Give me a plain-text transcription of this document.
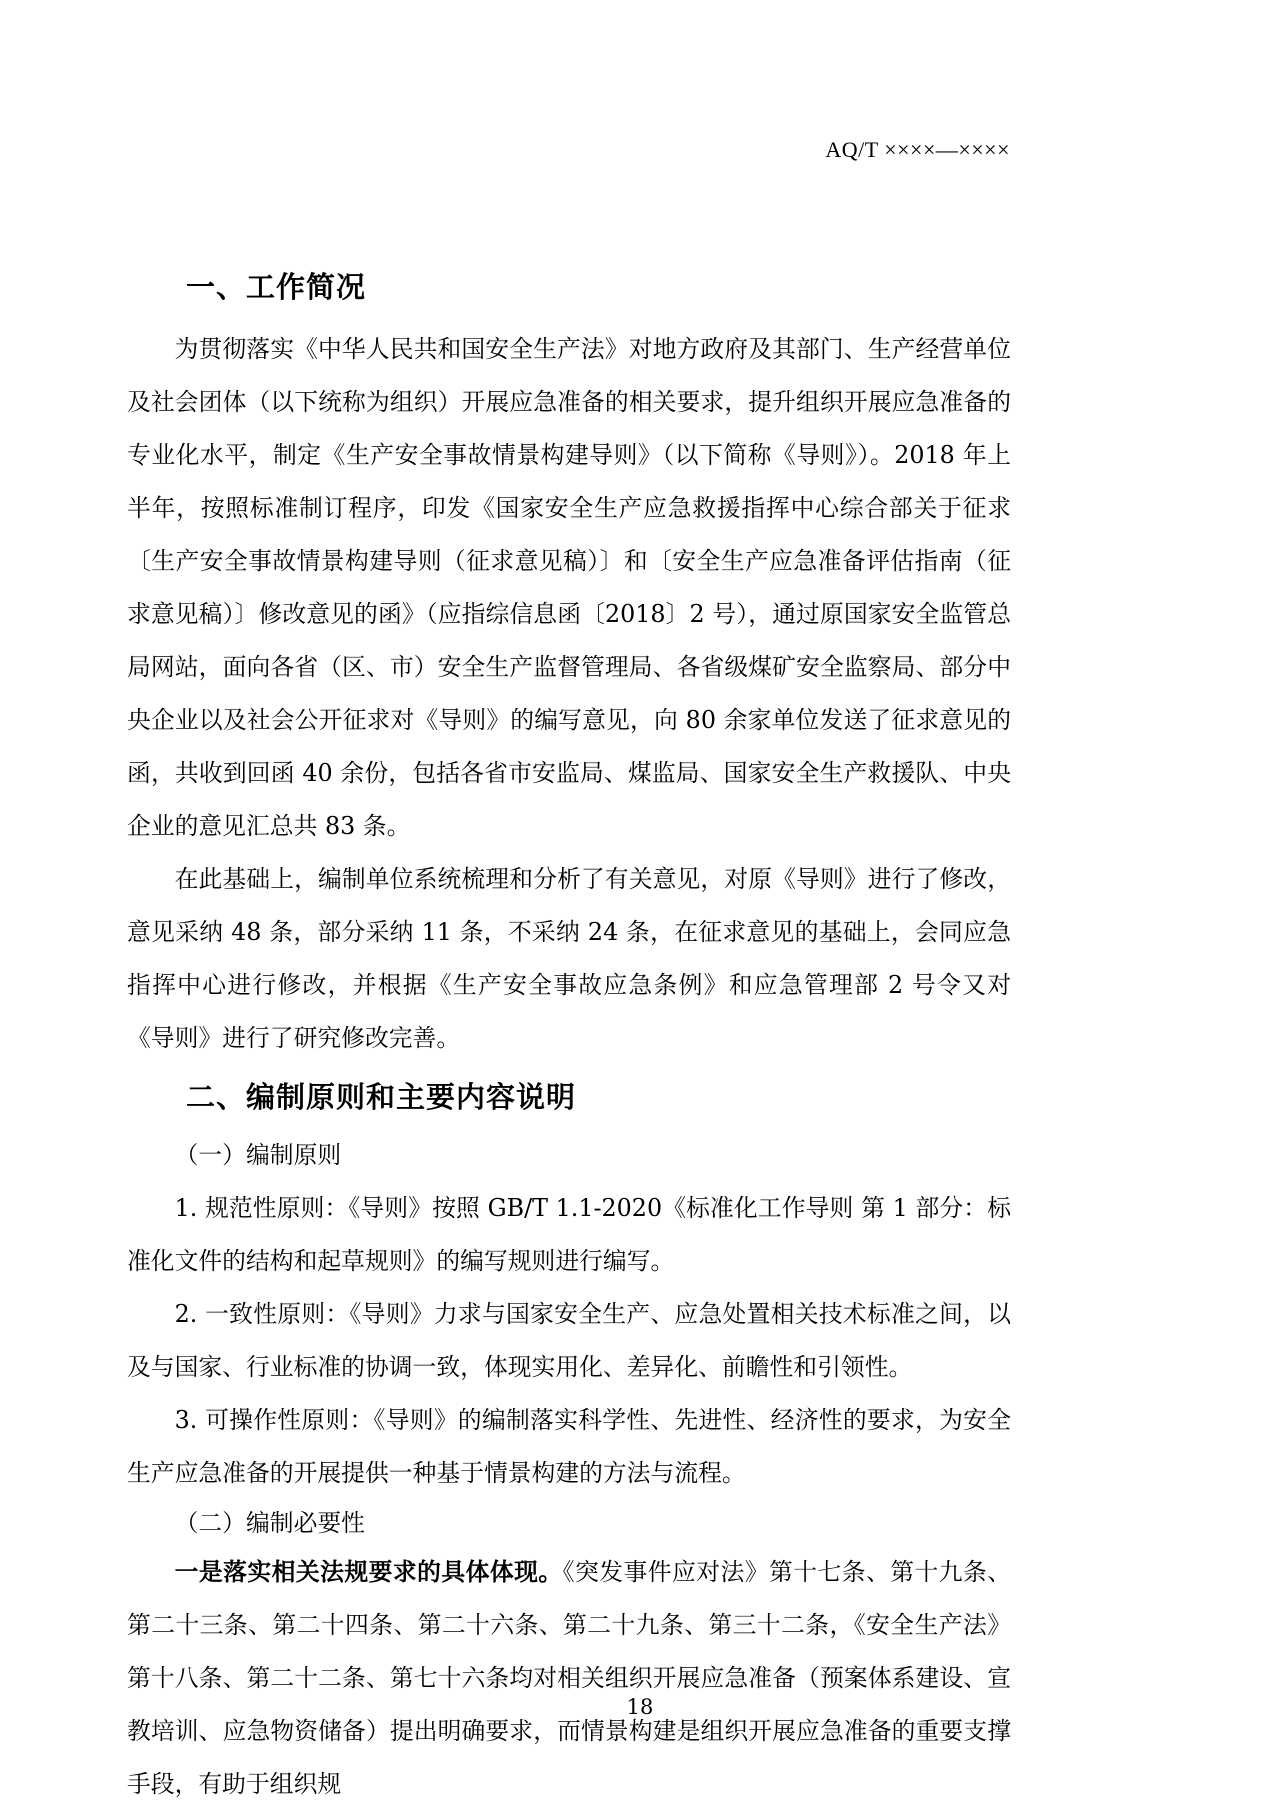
AQ/T ××××—××××
一、工作简况

为贯彻落实《中华人民共和国安全生产法》对地方政府及其部门、生产经营单位及社会团体（以下统称为组织）开展应急准备的相关要求，提升组织开展应急准备的专业化水平，制定《生产安全事故情景构建导则》（以下简称《导则》）。2018 年上半年，按照标准制订程序，印发《国家安全生产应急救援指挥中心综合部关于征求〔生产安全事故情景构建导则（征求意见稿）〕和〔安全生产应急准备评估指南（征求意见稿）〕修改意见的函》（应指综信息函〔2018〕2 号），通过原国家安全监管总局网站，面向各省（区、市）安全生产监督管理局、各省级煤矿安全监察局、部分中央企业以及社会公开征求对《导则》的编写意见，向 80 余家单位发送了征求意见的函，共收到回函 40 余份，包括各省市安监局、煤监局、国家安全生产救援队、中央企业的意见汇总共 83 条。

在此基础上，编制单位系统梳理和分析了有关意见，对原《导则》进行了修改，意见采纳 48 条，部分采纳 11 条，不采纳 24 条，在征求意见的基础上，会同应急指挥中心进行修改，并根据《生产安全事故应急条例》和应急管理部 2 号令又对《导则》进行了研究修改完善。

二、编制原则和主要内容说明

（一）编制原则

1. 规范性原则：《导则》按照 GB/T 1.1-2020《标准化工作导则 第 1 部分：标准化文件的结构和起草规则》的编写规则进行编写。

2. 一致性原则：《导则》力求与国家安全生产、应急处置相关技术标准之间，以及与国家、行业标准的协调一致，体现实用化、差异化、前瞻性和引领性。

3. 可操作性原则：《导则》的编制落实科学性、先进性、经济性的要求，为安全生产应急准备的开展提供一种基于情景构建的方法与流程。

（二）编制必要性

一是落实相关法规要求的具体体现。《突发事件应对法》第十七条、第十九条、第二十三条、第二十四条、第二十六条、第二十九条、第三十二条，《安全生产法》第十八条、第二十二条、第七十六条均对相关组织开展应急准备（预案体系建设、宣教培训、应急物资储备）提出明确要求，而情景构建是组织开展应急准备的重要支撑手段，有助于组织规

18
